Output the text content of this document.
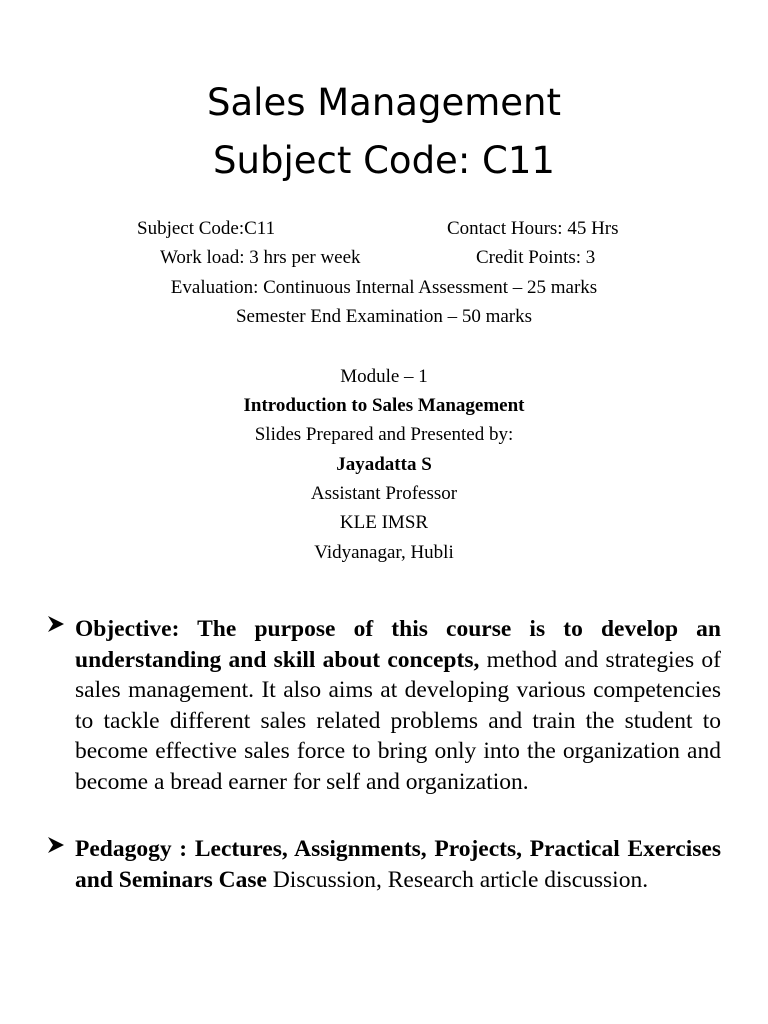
Sales Management
Subject Code: C11
Subject Code:C11	Contact Hours: 45 Hrs
Work load: 3 hrs per week	Credit Points: 3
Evaluation: Continuous Internal Assessment – 25 marks
Semester End Examination – 50 marks
Module – 1
Introduction to Sales Management
Slides Prepared and Presented by:
Jayadatta S
Assistant Professor
KLE IMSR
Vidyanagar, Hubli
Objective: The purpose of this course is to develop an understanding and skill about concepts, method and strategies of sales management. It also aims at developing various competencies to tackle different sales related problems and train the student to become effective sales force to bring only into the organization and become a bread earner for self and organization.
Pedagogy : Lectures, Assignments, Projects, Practical Exercises and Seminars Case Discussion, Research article discussion.
